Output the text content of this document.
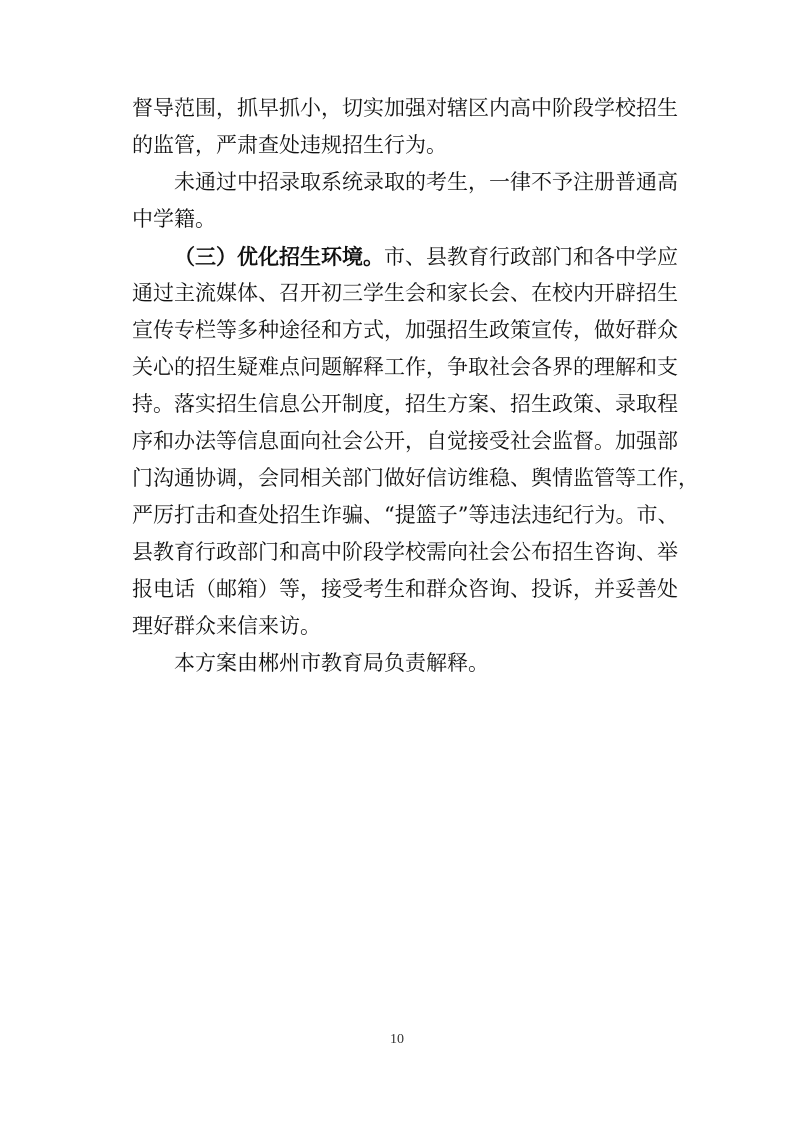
督导范围，抓早抓小，切实加强对辖区内高中阶段学校招生
的监管，严肃查处违规招生行为。
未通过中招录取系统录取的考生，一律不予注册普通高
中学籍。
（三）优化招生环境。市、县教育行政部门和各中学应
通过主流媒体、召开初三学生会和家长会、在校内开辟招生
宣传专栏等多种途径和方式，加强招生政策宣传，做好群众
关心的招生疑难点问题解释工作，争取社会各界的理解和支
持。落实招生信息公开制度，招生方案、招生政策、录取程
序和办法等信息面向社会公开，自觉接受社会监督。加强部
门沟通协调，会同相关部门做好信访维稳、舆情监管等工作，
严厉打击和查处招生诈骗、“提篮子”等违法违纪行为。市、
县教育行政部门和高中阶段学校需向社会公布招生咨询、举
报电话（邮箱）等，接受考生和群众咨询、投诉，并妥善处
理好群众来信来访。
本方案由郴州市教育局负责解释。
10
